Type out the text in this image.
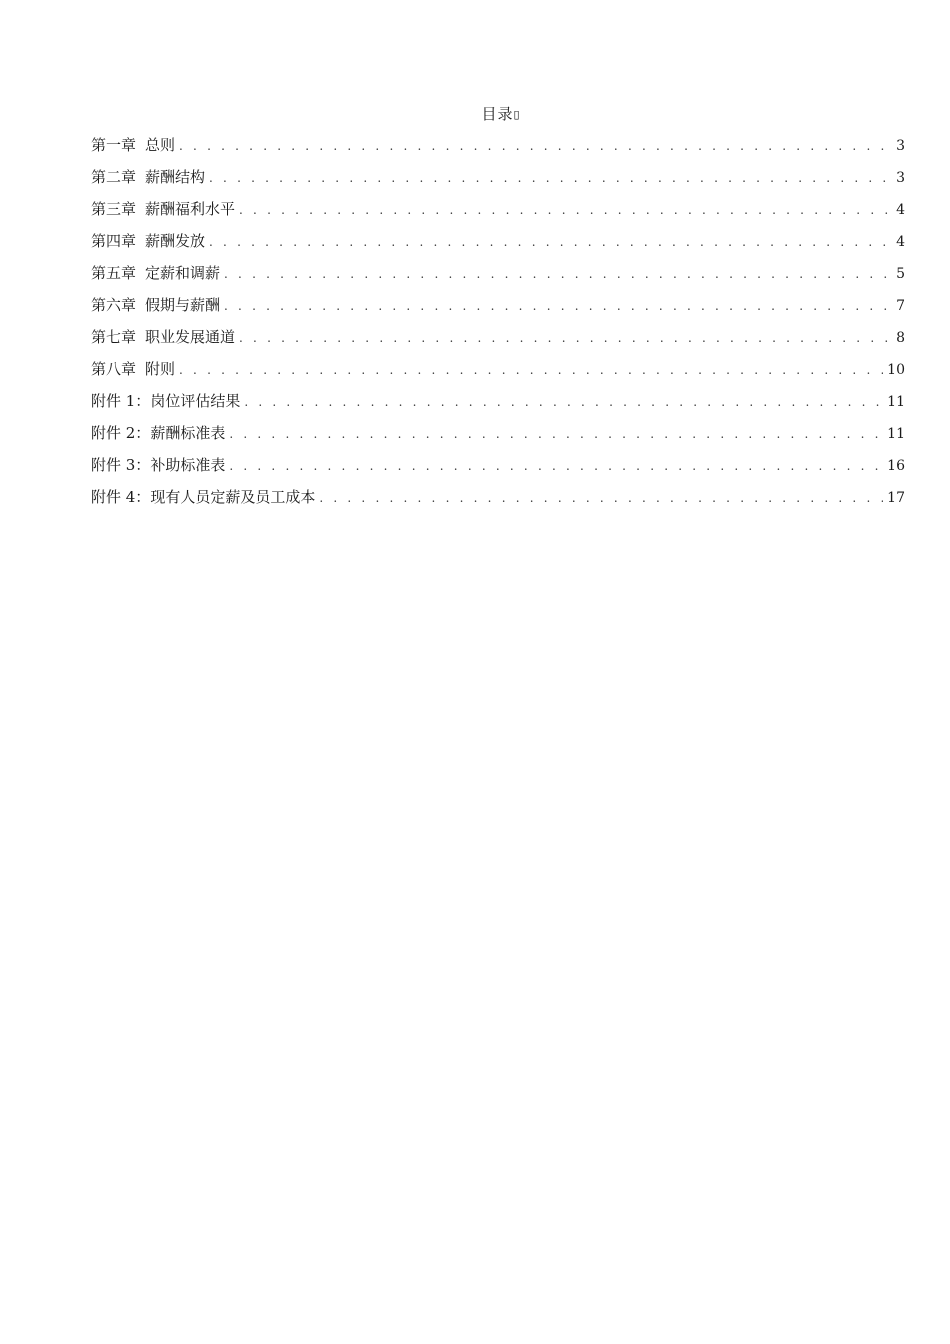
目录▯
第一章 总则 . . .	3
第二章 薪酬结构 . . .	3
第三章 薪酬福利水平 . . .	4
第四章 薪酬发放 . . .	4
第五章 定薪和调薪 . . .	5
第六章 假期与薪酬 . . .	7
第七章 职业发展通道 . . .	8
第八章 附则 . . .	10
附件 1：岗位评估结果 . . .	11
附件 2：薪酬标准表 . . .	11
附件 3：补助标准表 . . .	16
附件 4：现有人员定薪及员工成本 . . .	17
